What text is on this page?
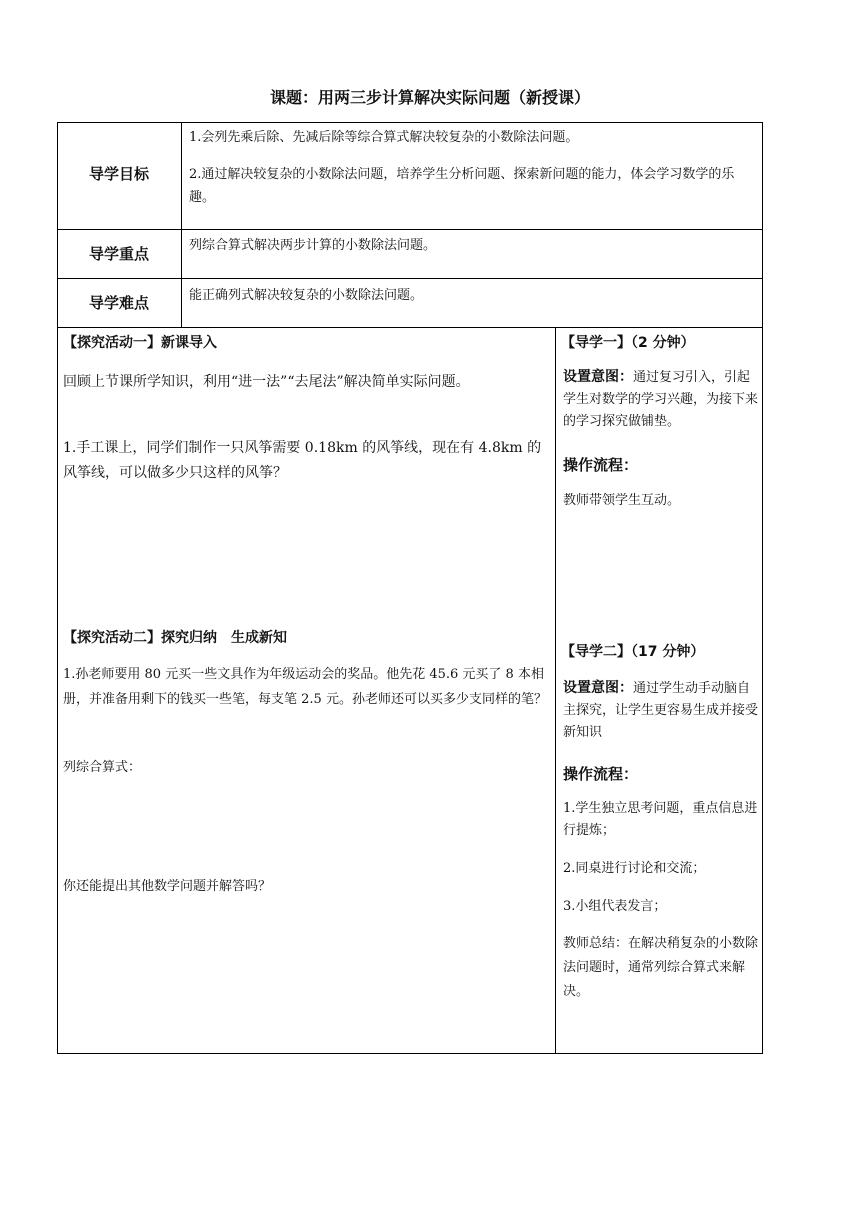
课题：用两三步计算解决实际问题（新授课）
导学目标
1.会列先乘后除、先减后除等综合算式解决较复杂的小数除法问题。
2.通过解决较复杂的小数除法问题，培养学生分析问题、探索新问题的能力，体会学习数学的乐趣。
导学重点	列综合算式解决两步计算的小数除法问题。
导学难点	能正确列式解决较复杂的小数除法问题。
【探究活动一】新课导入
回顾上节课所学知识，利用“进一法”“去尾法”解决简单实际问题。
1.手工课上，同学们制作一只风筝需要 0.18km 的风筝线，现在有 4.8km 的风筝线，可以做多少只这样的风筝？
【导学一】（2 分钟）
设置意图：通过复习引入，引起学生对数学的学习兴趣，为接下来的学习探究做铺垫。
操作流程：
教师带领学生互动。
【探究活动二】探究归纳　生成新知
1.孙老师要用 80 元买一些文具作为年级运动会的奖品。他先花 45.6 元买了 8 本相册，并准备用剩下的钱买一些笔，每支笔 2.5 元。孙老师还可以买多少支同样的笔？
列综合算式：
你还能提出其他数学问题并解答吗？
【导学二】（17 分钟）
设置意图：通过学生动手动脑自主探究，让学生更容易生成并接受新知识
操作流程：
1.学生独立思考问题，重点信息进行提炼；
2.同桌进行讨论和交流；
3.小组代表发言；
教师总结：在解决稍复杂的小数除法问题时，通常列综合算式来解决。
